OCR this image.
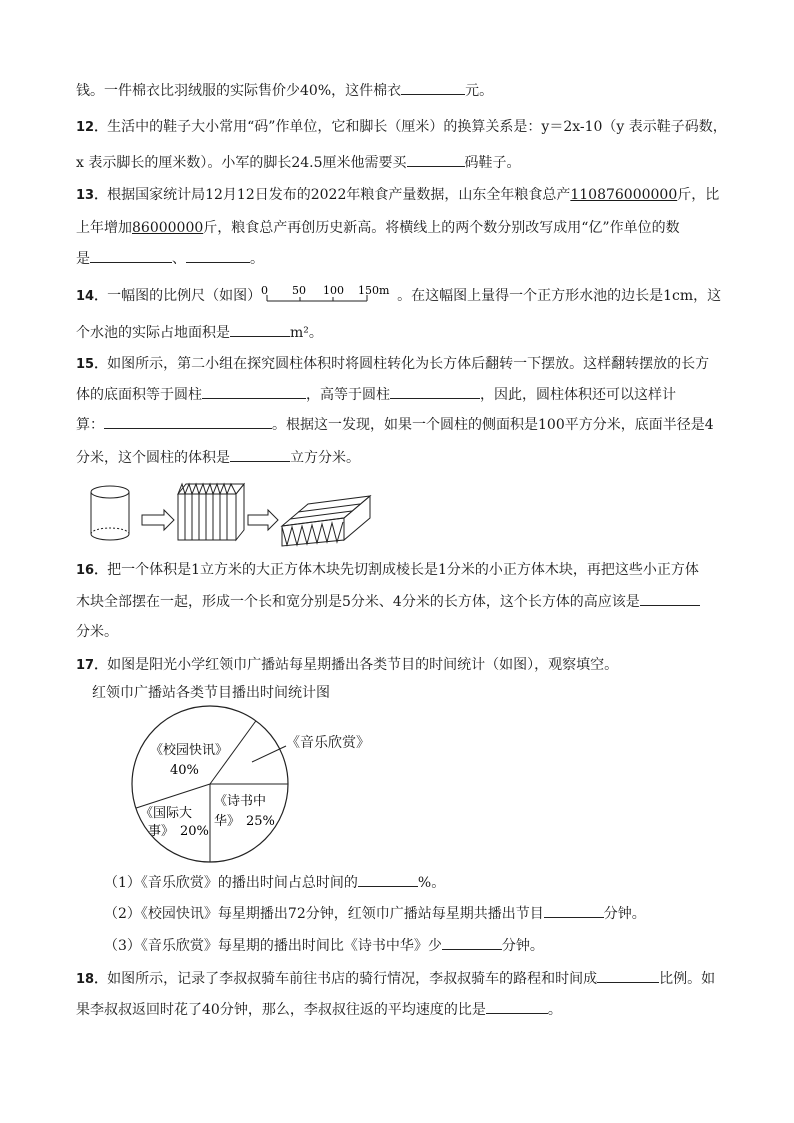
钱。一件棉衣比羽绒服的实际售价少40%，这件棉衣	元。
12．生活中的鞋子大小常用“码”作单位，它和脚长（厘米）的换算关系是：y＝2x-10（y 表示鞋子码数，
x 表示脚长的厘米数）。小军的脚长24.5厘米他需要买	码鞋子。
13．根据国家统计局12月12日发布的2022年粮食产量数据，山东全年粮食总产110876000000斤，比
上年增加86000000斤，粮食总产再创历史新高。将横线上的两个数分别改写成用“亿”作单位的数
是	、	。
14．一幅图的比例尺（如图） 0 50 100 150m 。在这幅图上量得一个正方形水池的边长是1cm，这
个水池的实际占地面积是	m²。
15．如图所示，第二小组在探究圆柱体积时将圆柱转化为长方体后翻转一下摆放。这样翻转摆放的长方
体的底面积等于圆柱	，高等于圆柱	，因此，圆柱体积还可以这样计
算：	。根据这一发现，如果一个圆柱的侧面积是100平方分米，底面半径是4
分米，这个圆柱的体积是	立方分米。
16．把一个体积是1立方米的大正方体木块先切割成棱长是1分米的小正方体木块，再把这些小正方体
木块全部摆在一起，形成一个长和宽分别是5分米、4分米的长方体，这个长方体的高应该是
分米。
17．如图是阳光小学红领巾广播站每星期播出各类节目的时间统计（如图），观察填空。
红领巾广播站各类节目播出时间统计图
《校园快讯》
40%
《诗书中
华》 25%
《国际大
事》 20%
《音乐欣赏》
（1）《音乐欣赏》的播出时间占总时间的	%。
（2）《校园快讯》每星期播出72分钟，红领巾广播站每星期共播出节目	分钟。
（3）《音乐欣赏》每星期的播出时间比《诗书中华》少	分钟。
18．如图所示，记录了李叔叔骑车前往书店的骑行情况，李叔叔骑车的路程和时间成	比例。如
果李叔叔返回时花了40分钟，那么，李叔叔往返的平均速度的比是	。
